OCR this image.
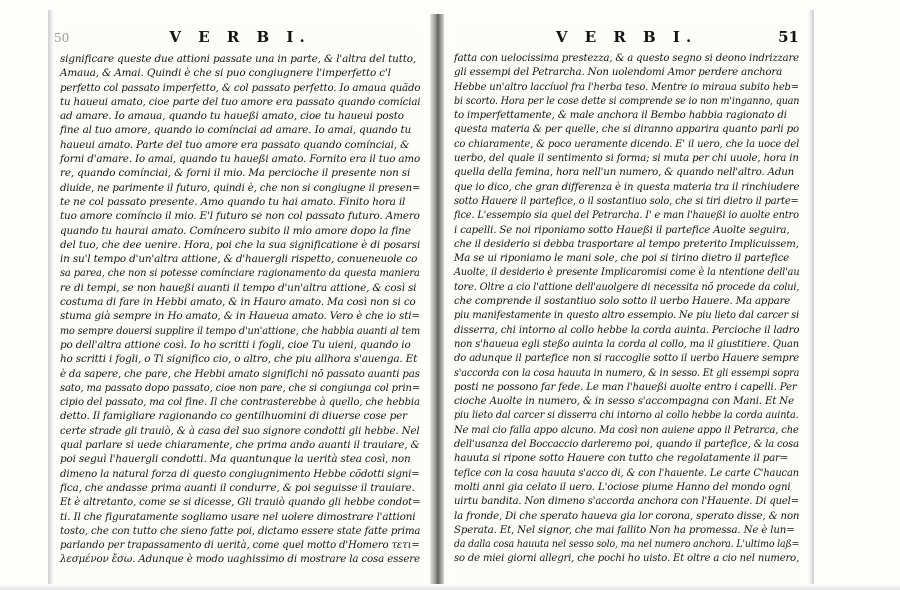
50	V E R B I.
significare queste due attioni passate una in parte, & l'altra del tutto,
Amaua, & Amai. Quindi è che si puo congiugnere l'imperfetto c'l
perfetto col passato imperfetto, & col passato perfetto. Io amaua quãdo
tu haueui amato, cioe parte del tuo amore era passato quando comíciai
ad amare. Io amaua, quando tu haueßi amato, cioe tu haueui posto
fine al tuo amore, quando io comínciai ad amare. Io amai, quando tu
haueui amato. Parte del tuo amore era passato quando comínciai, &
forni d'amare. Io amai, quando tu haueßi amato. Fornito era il tuo amo
re, quando comínciai, & forni il mio. Ma percioche il presente non si
diuide, ne parimente il futuro, quindi è, che non si congiugne il presen=
te ne col passato presente. Amo quando tu hai amato. Finito hora il
tuo amore comíncio il mio. E'l futuro se non col passato futuro. Amero
quando tu haurai amato. Comíncero subito il mio amore dopo la fine
del tuo, che dee uenire. Hora, poi che la sua significatione è di posarsi
in su'l tempo d'un'altra attione, & d'hauergli rispetto, conueneuole co
sa parea, che non si potesse comínciare ragionamento da questa maniera
re di tempi, se non haueßi auanti il tempo d'un'altra attione, & così si
costuma di fare in Hebbi amato, & in Hauro amato. Ma così non si co
stuma già sempre in Ho amato, & in Haueua amato. Vero è che io sti=
mo sempre douersi supplire il tempo d'un'attione, che habbia auanti al tem
po dell'altra attione così. Io ho scritti i fogli, cioe Tu uieni, quando io
ho scritti i fogli, o Ti significo cio, o altro, che piu allhora s'auenga. Et
è da sapere, che pare, che Hebbi amato significhi nõ passato auanti pas
sato, ma passato dopo passato, cioe non pare, che si congiunga col prin=
cipio del passato, ma col fine. Il che contrasterebbe à quello, che hebbia
detto. Il famigliare ragionando co gentilhuomini di diuerse cose per
certe strade gli trauiò, & à casa del suo signore condotti gli hebbe. Nel
qual parlare si uede chiaramente, che prima ando auanti il trauiare, &
poi seguì l'hauergli condotti. Ma quantunque la uerità stea così, non
dimeno la natural forza di questo congiugnimento Hebbe cõdotti signi=
fica, che andasse prima auanti il condurre, & poi seguisse il trauiare.
Et è altretanto, come se si dicesse, Gli trauiò quando gli hebbe condot=
ti. Il che figuratamente sogliamo usare nel uolere dimostrare l'attioni
tosto, che con tutto che sieno fatte poi, dictamo essere state fatte prima
parlando per trapassamento di uerità, come quel motto d'Homero τετι=
λεσμένον ἔσω. Adunque è modo uaghissimo di mostrare la cosa essere
V E R B I.	51
fatta con uelocissima prestezza, & a questo segno si deono indrizzare
gli essempi del Petrarcha. Non uolendomi Amor perdere anchora
Hebbe un'altro laccíuol fra l'herba teso. Mentre io miraua subito heb=
bi scorto. Hora per le cose dette si comprende se io non m'inganno, quan
to imperfettamente, & male anchora il Bembo habbia ragionato di
questa materia & per quelle, che si diranno apparira quanto parli po
co chiaramente, & poco ueramente dicendo. E' il uero, che la uoce del
uerbo, del quale il sentimento si forma; si muta per chi uuole, hora in
quella della femina, hora nell'un numero, & quando nell'altro. Adun
que io dico, che gran differenza è in questa materia tra il rinchiudere
sotto Hauere il partefice, o il sostantiuo solo, che si tiri dietro il parte=
fice. L'essempio sia quel del Petrarcha. I' e man l'haueßi io auolte entro
i capelli. Se noi riponiamo sotto Haueßi il partefice Auolte seguira,
che il desiderio si debba trasportare al tempo preterito Implicuissem,
Ma se ui riponiamo le mani sole, che poi si tirino dietro il partefice
Auolte, il desiderio è presente Implicaromisi come è la ntentione dell'au
tore. Oltre a cio l'attione dell'auolgere di necessita nõ procede da colui,
che comprende il sostantiuo solo sotto il uerbo Hauere. Ma appare
piu manifestamente in questo altro essempio. Ne piu lieto dal carcer si
disserra, chi intorno al collo hebbe la corda auinta. Percioche il ladro
non s'haueua egli steßo auinta la corda al collo, ma il giustitiere. Quan
do adunque il partefice non si raccoglie sotto il uerbo Hauere sempre
s'accorda con la cosa hauuta in numero, & in sesso. Et gli essempi sopra
posti ne possono far fede. Le man l'haueßi auolte entro i capelli. Per
cioche Auolte in numero, & in sesso s'accompagna con Mani. Et Ne
piu lieto dal carcer si disserra chi intorno al collo hebbe la corda auinta.
Ne mai cio falla appo alcuno. Ma così non auiene appo il Petrarca, che
dell'usanza del Boccaccio darleremo poi, quando il partefice, & la cosa
hauuta si ripone sotto Hauere con tutto che regolatamente il par=
tefice con la cosa hauuta s'acco di, & con l'hauente. Le carte C'haucan
molti anni gia celato il uero. L'ociose piume Hanno del mondo ogni
uirtu bandita. Non dimeno s'accorda anchora con l'Hauente. Di quel=
la fronde, Di che sperato haueva gia lor corona, sperato disse, & non
Sperata. Et, Nel signor, che mai fallito Non ha promessa. Ne è lun=
da dalla cosa hauuta nel sesso solo, ma nel numero anchora. L'ultimo laß=
so de miei giorni allegri, che pochi ho uisto. Et oltre a cio nel numero,
